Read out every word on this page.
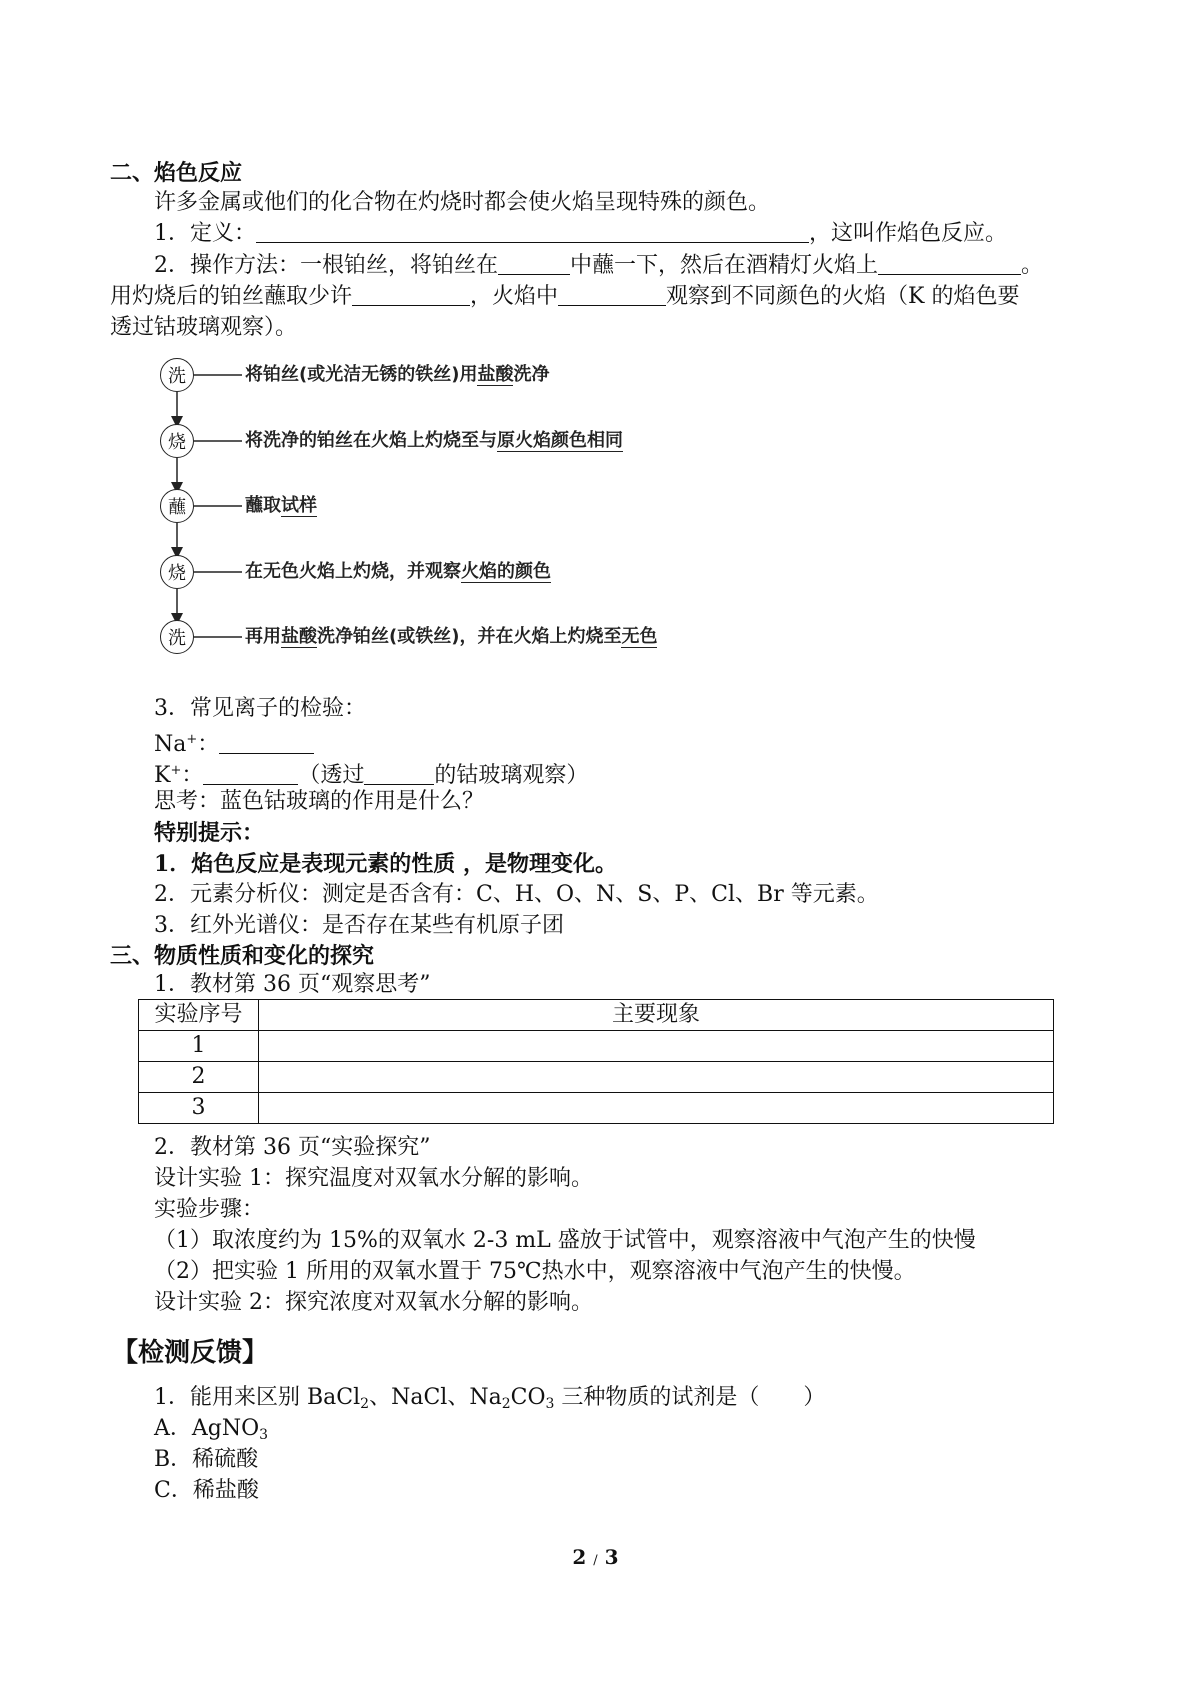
二、焰色反应
许多金属或他们的化合物在灼烧时都会使火焰呈现特殊的颜色。
1．定义：	，这叫作焰色反应。
2．操作方法：一根铂丝，将铂丝在	中蘸一下，然后在酒精灯火焰上	。
用灼烧后的铂丝蘸取少许	，火焰中	观察到不同颜色的火焰（K 的焰色要
透过钴玻璃观察）。
洗	将铂丝(或光洁无锈的铁丝)用盐酸洗净
烧	将洗净的铂丝在火焰上灼烧至与原火焰颜色相同
蘸	蘸取试样
烧	在无色火焰上灼烧，并观察火焰的颜色
洗	再用盐酸洗净铂丝(或铁丝)，并在火焰上灼烧至无色
3．常见离子的检验：
Na+：
K+：	（透过	的钴玻璃观察）
思考：蓝色钴玻璃的作用是什么？
特别提示：
1．焰色反应是表现元素的性质 ，是物理变化。
2．元素分析仪：测定是否含有：C、H、O、N、S、P、Cl、Br 等元素。
3．红外光谱仪：是否存在某些有机原子团
三、物质性质和变化的探究
1．教材第 36 页“观察思考”
实验序号	主要现象
1	
2	
3	
2．教材第 36 页“实验探究”
设计实验 1：探究温度对双氧水分解的影响。
实验步骤：
（1）取浓度约为 15%的双氧水 2-3 mL 盛放于试管中，观察溶液中气泡产生的快慢
（2）把实验 1 所用的双氧水置于 75℃热水中，观察溶液中气泡产生的快慢。
设计实验 2：探究浓度对双氧水分解的影响。
【检测反馈】
1．能用来区别 BaCl$_2$、NaCl、$Na_2CO_3$ 三种物质的试剂是（　　）
A．AgNO$_3$
B．稀硫酸
C．稀盐酸
2 / 3
